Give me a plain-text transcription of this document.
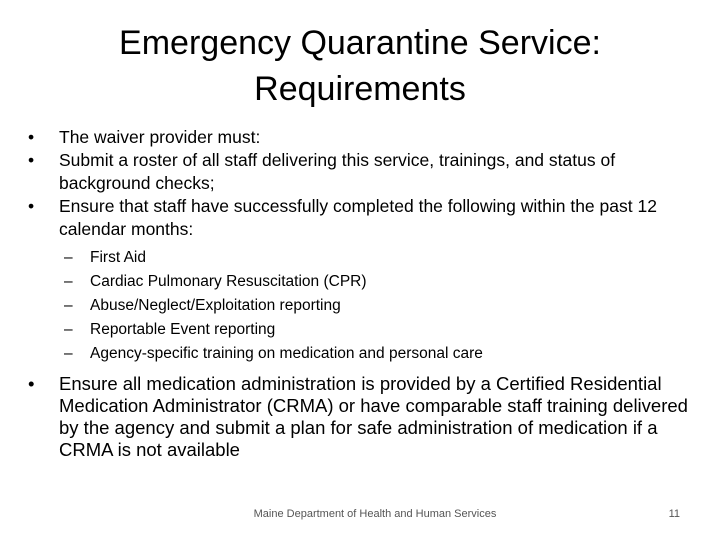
Emergency Quarantine Service:
Requirements

•	The waiver provider must:

•	Submit a roster of all staff delivering this service, trainings, and status of background checks;

•	Ensure that staff have successfully completed the following within the past 12 calendar months:

– First Aid
– Cardiac Pulmonary Resuscitation (CPR)
– Abuse/Neglect/Exploitation reporting
– Reportable Event reporting
– Agency-specific training on medication and personal care

•	Ensure all medication administration is provided by a Certified Residential Medication Administrator (CRMA) or have comparable staff training delivered by the agency and submit a plan for safe administration of medication if a CRMA is not available

Maine Department of Health and Human Services	11
